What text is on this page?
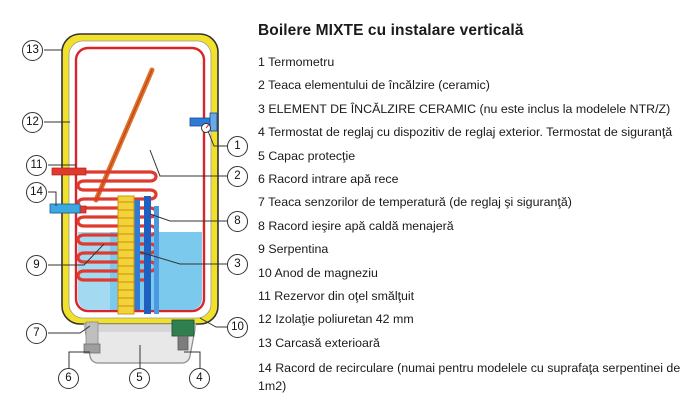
13
12
11
14
9
7
6	5	4
10
3
8
2
1
Boilere MIXTE cu instalare verticală
1 Termometru
2 Teaca elementului de încălzire (ceramic)
3 ELEMENT DE ÎNCĂLZIRE CERAMIC (nu este inclus la modelele NTR/Z)
4 Termostat de reglaj cu dispozitiv de reglaj exterior. Termostat de siguranţă
5 Capac protecţie
6 Racord intrare apă rece
7 Teaca senzorilor de temperatură (de reglaj şi siguranţă)
8 Racord ieşire apă caldă menajeră
9 Serpentina
10 Anod de magneziu
11 Rezervor din oţel smălţuit
12 Izolaţie poliuretan 42 mm
13 Carcasă exterioară
14 Racord de recirculare (numai pentru modelele cu suprafaţa serpentinei de 1m2)
